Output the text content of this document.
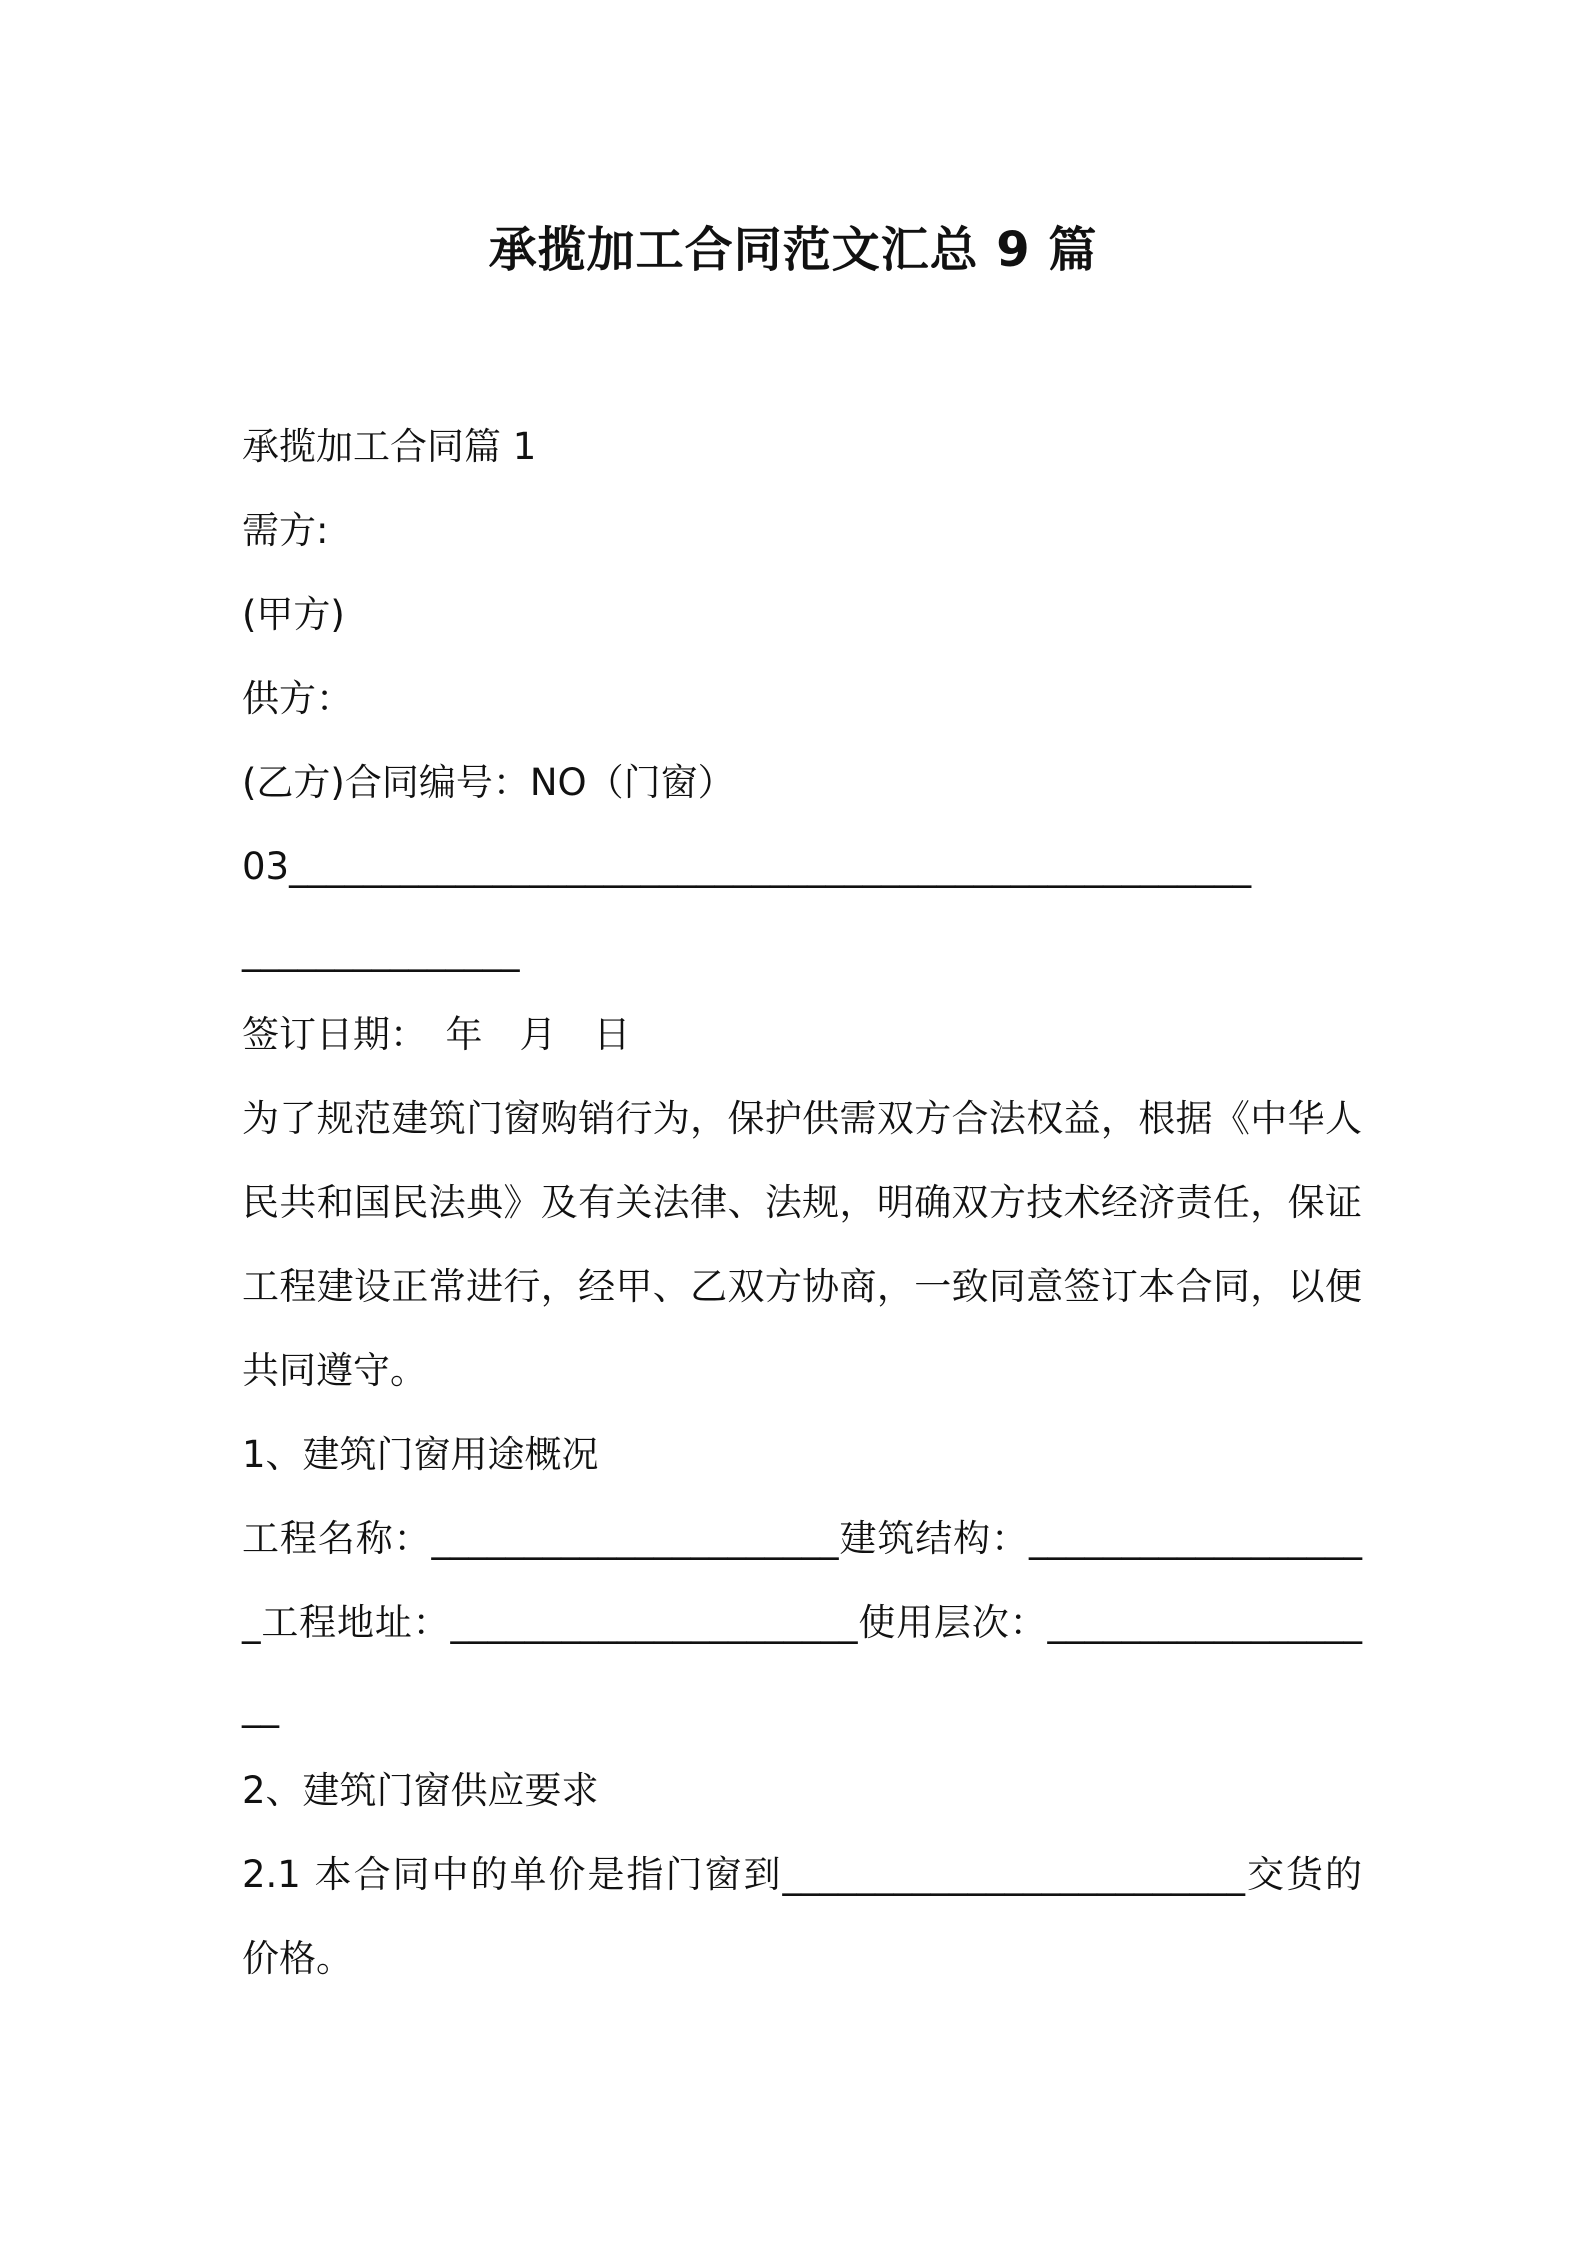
承揽加工合同范文汇总 9 篇
承揽加工合同篇 1
需方:
(甲方)
供方：
(乙方)合同编号：NO（门窗）
03____________________________________________________
_______________
签订日期：　年　月　日
为了规范建筑门窗购销行为，保护供需双方合法权益，根据《中华人民共和国民法典》及有关法律、法规，明确双方技术经济责任，保证工程建设正常进行，经甲、乙双方协商，一致同意签订本合同，以便共同遵守。
1、建筑门窗用途概况
工程名称：______________________建筑结构：___________________工程地址：______________________使用层次：___________________
2、建筑门窗供应要求
2.1 本合同中的单价是指门窗到_________________________交货的价格。
